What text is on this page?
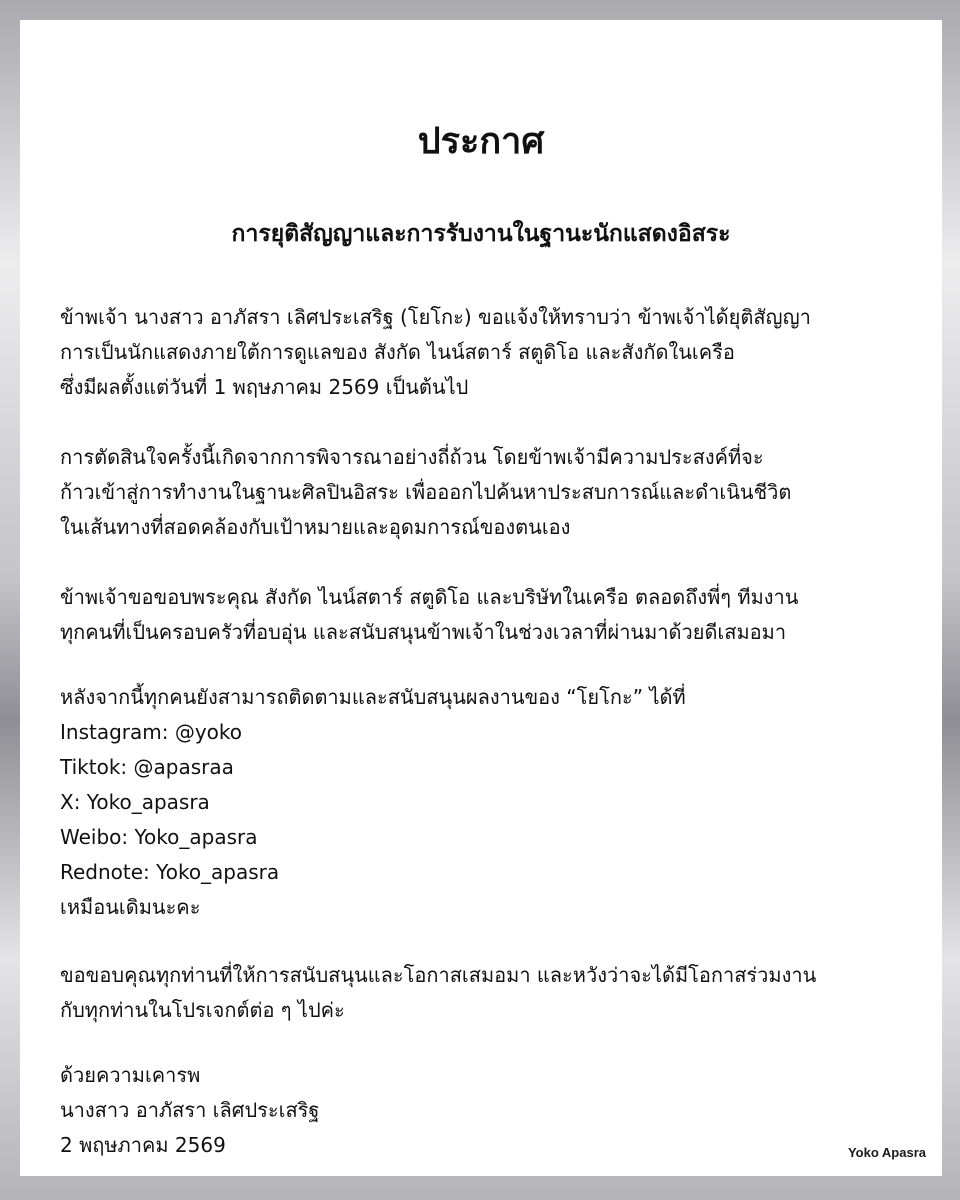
ประกาศ
การยุติสัญญาและการรับงานในฐานะนักแสดงอิสระ
ข้าพเจ้า นางสาว อาภัสรา เลิศประเสริฐ (โยโกะ) ขอแจ้งให้ทราบว่า ข้าพเจ้าได้ยุติสัญญา
การเป็นนักแสดงภายใต้การดูแลของ สังกัด ไนน์สตาร์ สตูดิโอ และสังกัดในเครือ
ซึ่งมีผลตั้งแต่วันที่ 1 พฤษภาคม 2569 เป็นต้นไป
การตัดสินใจครั้งนี้เกิดจากการพิจารณาอย่างถี่ถ้วน โดยข้าพเจ้ามีความประสงค์ที่จะ
ก้าวเข้าสู่การทำงานในฐานะศิลปินอิสระ เพื่อออกไปค้นหาประสบการณ์และดำเนินชีวิต
ในเส้นทางที่สอดคล้องกับเป้าหมายและอุดมการณ์ของตนเอง
ข้าพเจ้าขอขอบพระคุณ สังกัด ไนน์สตาร์ สตูดิโอ และบริษัทในเครือ ตลอดถึงพี่ๆ ทีมงาน
ทุกคนที่เป็นครอบครัวที่อบอุ่น และสนับสนุนข้าพเจ้าในช่วงเวลาที่ผ่านมาด้วยดีเสมอมา
หลังจากนี้ทุกคนยังสามารถติดตามและสนับสนุนผลงานของ “โยโกะ” ได้ที่
Instagram: @yoko
Tiktok: @apasraa
X: Yoko_apasra
Weibo: Yoko_apasra
Rednote: Yoko_apasra
เหมือนเดิมนะคะ
ขอขอบคุณทุกท่านที่ให้การสนับสนุนและโอกาสเสมอมา และหวังว่าจะได้มีโอกาสร่วมงาน
กับทุกท่านในโปรเจกต์ต่อ ๆ ไปค่ะ
ด้วยความเคารพ
นางสาว อาภัสรา เลิศประเสริฐ
2 พฤษภาคม 2569	Yoko Apasra
